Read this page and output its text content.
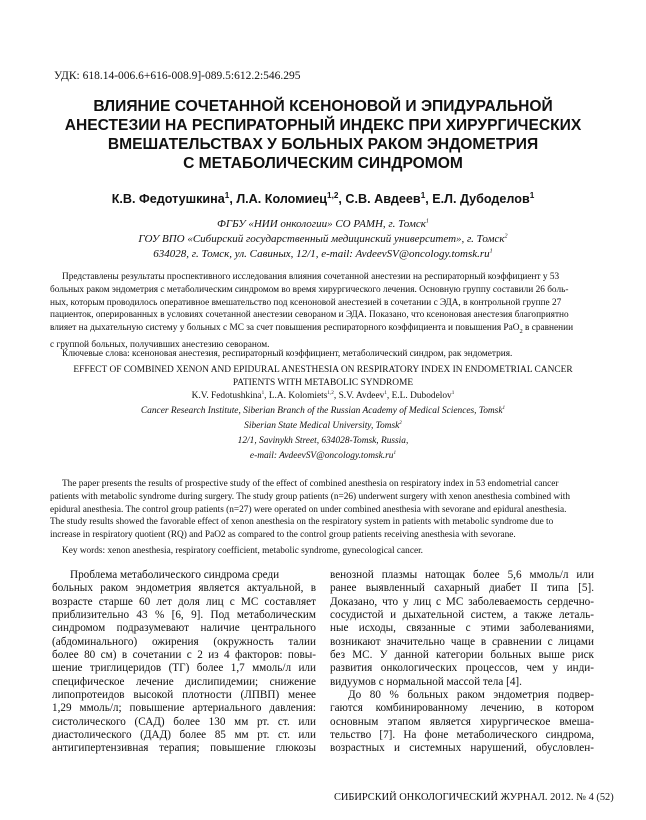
УДК: 618.14-006.6+616-008.9]-089.5:612.2:546.295
ВЛИЯНИЕ СОЧЕТАННОЙ КСЕНОНОВОЙ И ЭПИДУРАЛЬНОЙ
АНЕСТЕЗИИ НА РЕСПИРАТОРНЫЙ ИНДЕКС ПРИ ХИРУРГИЧЕСКИХ
ВМЕШАТЕЛЬСТВАХ У БОЛЬНЫХ РАКОМ ЭНДОМЕТРИЯ
С МЕТАБОЛИЧЕСКИМ СИНДРОМОМ
К.В. Федотушкина$^1$, Л.А. Коломиец$^{1,2}$, С.В. Авдеев$^1$, Е.Л. Дубоделов$^1$
ФГБУ «НИИ онкологии» СО РАМН, г. Томск$^1$
ГОУ ВПО «Сибирский государственный медицинский университет», г. Томск$^2$
634028, г. Томск, ул. Савиных, 12/1, e-mail: $AvdeevSV@oncology.tomsk.ru^1$
Представлены результаты проспективного исследования влияния сочетанной анестезии на респираторный коэффициент у 53
больных раком эндометрия с метаболическим синдромом во время хирургического лечения. Основную группу составили 26 боль-
ных, которым проводилось оперативное вмешательство под ксеноновой анестезией в сочетании с ЭДА, в контрольной группе 27
пациенток, оперированных в условиях сочетанной анестезии севораном и ЭДА. Показано, что ксеноновая анестезия благоприятно
влияет на дыхательную систему у больных с МС за счет повышения респираторного коэффициента и повышения PaO$_2$ в сравнении
с группой больных, получивших анестезию севораном.
Ключевые слова: ксеноновая анестезия, респираторный коэффициент, метаболический синдром, рак эндометрия.
EFFECT OF COMBINED XENON AND EPIDURAL ANESTHESIA ON RESPIRATORY INDEX IN ENDOMETRIAL CANCER
PATIENTS WITH METABOLIC SYNDROME
K.V. Fedotushkina$^1$, L.A. Kolomiets$^{1,2}$, S.V. Avdeev$^1$, E.L. Dubodelov$^1$
Cancer Research Institute, Siberian Branch of the Russian Academy of Medical Sciences, Tomsk$^1$
Siberian State Medical University, Tomsk$^2$
12/1, Savinykh Street, 634028-Tomsk, Russia,
e-mail: $AvdeevSV@oncology.tomsk.ru^1$
The paper presents the results of prospective study of the effect of combined anesthesia on respiratory index in 53 endometrial cancer
patients with metabolic syndrome during surgery. The study group patients (n=26) underwent surgery with xenon anesthesia combined with
epidural anesthesia. The control group patients (n=27) were operated on under combined anesthesia with sevorane and epidural anesthesia.
The study results showed the favorable effect of xenon anesthesia on the respiratory system in patients with metabolic syndrome due to
increase in respiratory quotient (RQ) and PaO2 as compared to the control group patients receiving anesthesia with sevorane.
Key words: xenon anesthesia, respiratory coefficient, metabolic syndrome, gynecological cancer.
Проблема метаболического синдрома среди
больных раком эндометрия является актуальной, в
возрасте старше 60 лет доля лиц с МС составляет
приблизительно 43 % [6, 9]. Под метаболическим
синдромом подразумевают наличие центрального
(абдоминального) ожирения (окружность талии
более 80 см) в сочетании с 2 из 4 факторов: повы-
шение триглицеридов (ТГ) более 1,7 ммоль/л или
специфическое лечение дислипидемии; снижение
липопротеидов высокой плотности (ЛПВП) менее
1,29 ммоль/л; повышение артериального давления:
систолического (САД) более 130 мм рт. ст. или
диастолического (ДАД) более 85 мм рт. ст. или
антигипертензивная терапия; повышение глюкозы
венозной плазмы натощак более 5,6 ммоль/л или
ранее выявленный сахарный диабет II типа [5].
Доказано, что у лиц с МС заболеваемость сердечно-
сосудистой и дыхательной систем, а также леталь-
ные исходы, связанные с этими заболеваниями,
возникают значительно чаще в сравнении с лицами
без МС. У данной категории больных выше риск
развития онкологических процессов, чем у инди-
видуумов с нормальной массой тела [4].
До 80 % больных раком эндометрия подвер-
гаются комбинированному лечению, в котором
основным этапом является хирургическое вмеша-
тельство [7]. На фоне метаболического синдрома,
возрастных и системных нарушений, обусловлен-
СИБИРСКИЙ ОНКОЛОГИЧЕСКИЙ ЖУРНАЛ. 2012. № 4 (52)
